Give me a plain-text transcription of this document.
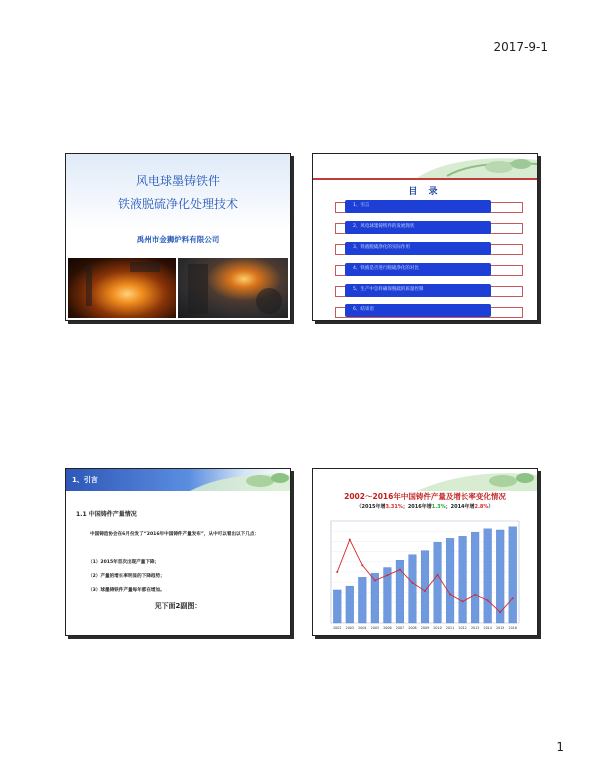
2017-9-1
1
风电球墨铸铁件
铁液脱硫净化处理技术
禹州市金狮炉料有限公司
目 录
1、引言
2、风电球墨铸铁件的发展现状
3、铁液脱硫净化的实际作用
4、铁液是否进行脱硫净化的对比
5、生产中怎样确保脱硫的质量控制
6、结束语
1、引言
1.1 中国铸件产量情况
中国铸造协会在6月份发了“2016年中国铸件产量发布”，从中可以看出以下几点：
（1）2015年首次出现产量下降；
（2）产量的增长率明显的下降趋势；
（3）球墨铸铁件产量每年都在增加。
见下面2副图：
2002～2016年中国铸件产量及增长率变化情况
（2015年增3.31%；2016年增1.3%；2014年增2.8%）
2002 2003 2004 2005 2006 2007 2008 2009 2010 2011 2012 2013 2014 2015 2016
